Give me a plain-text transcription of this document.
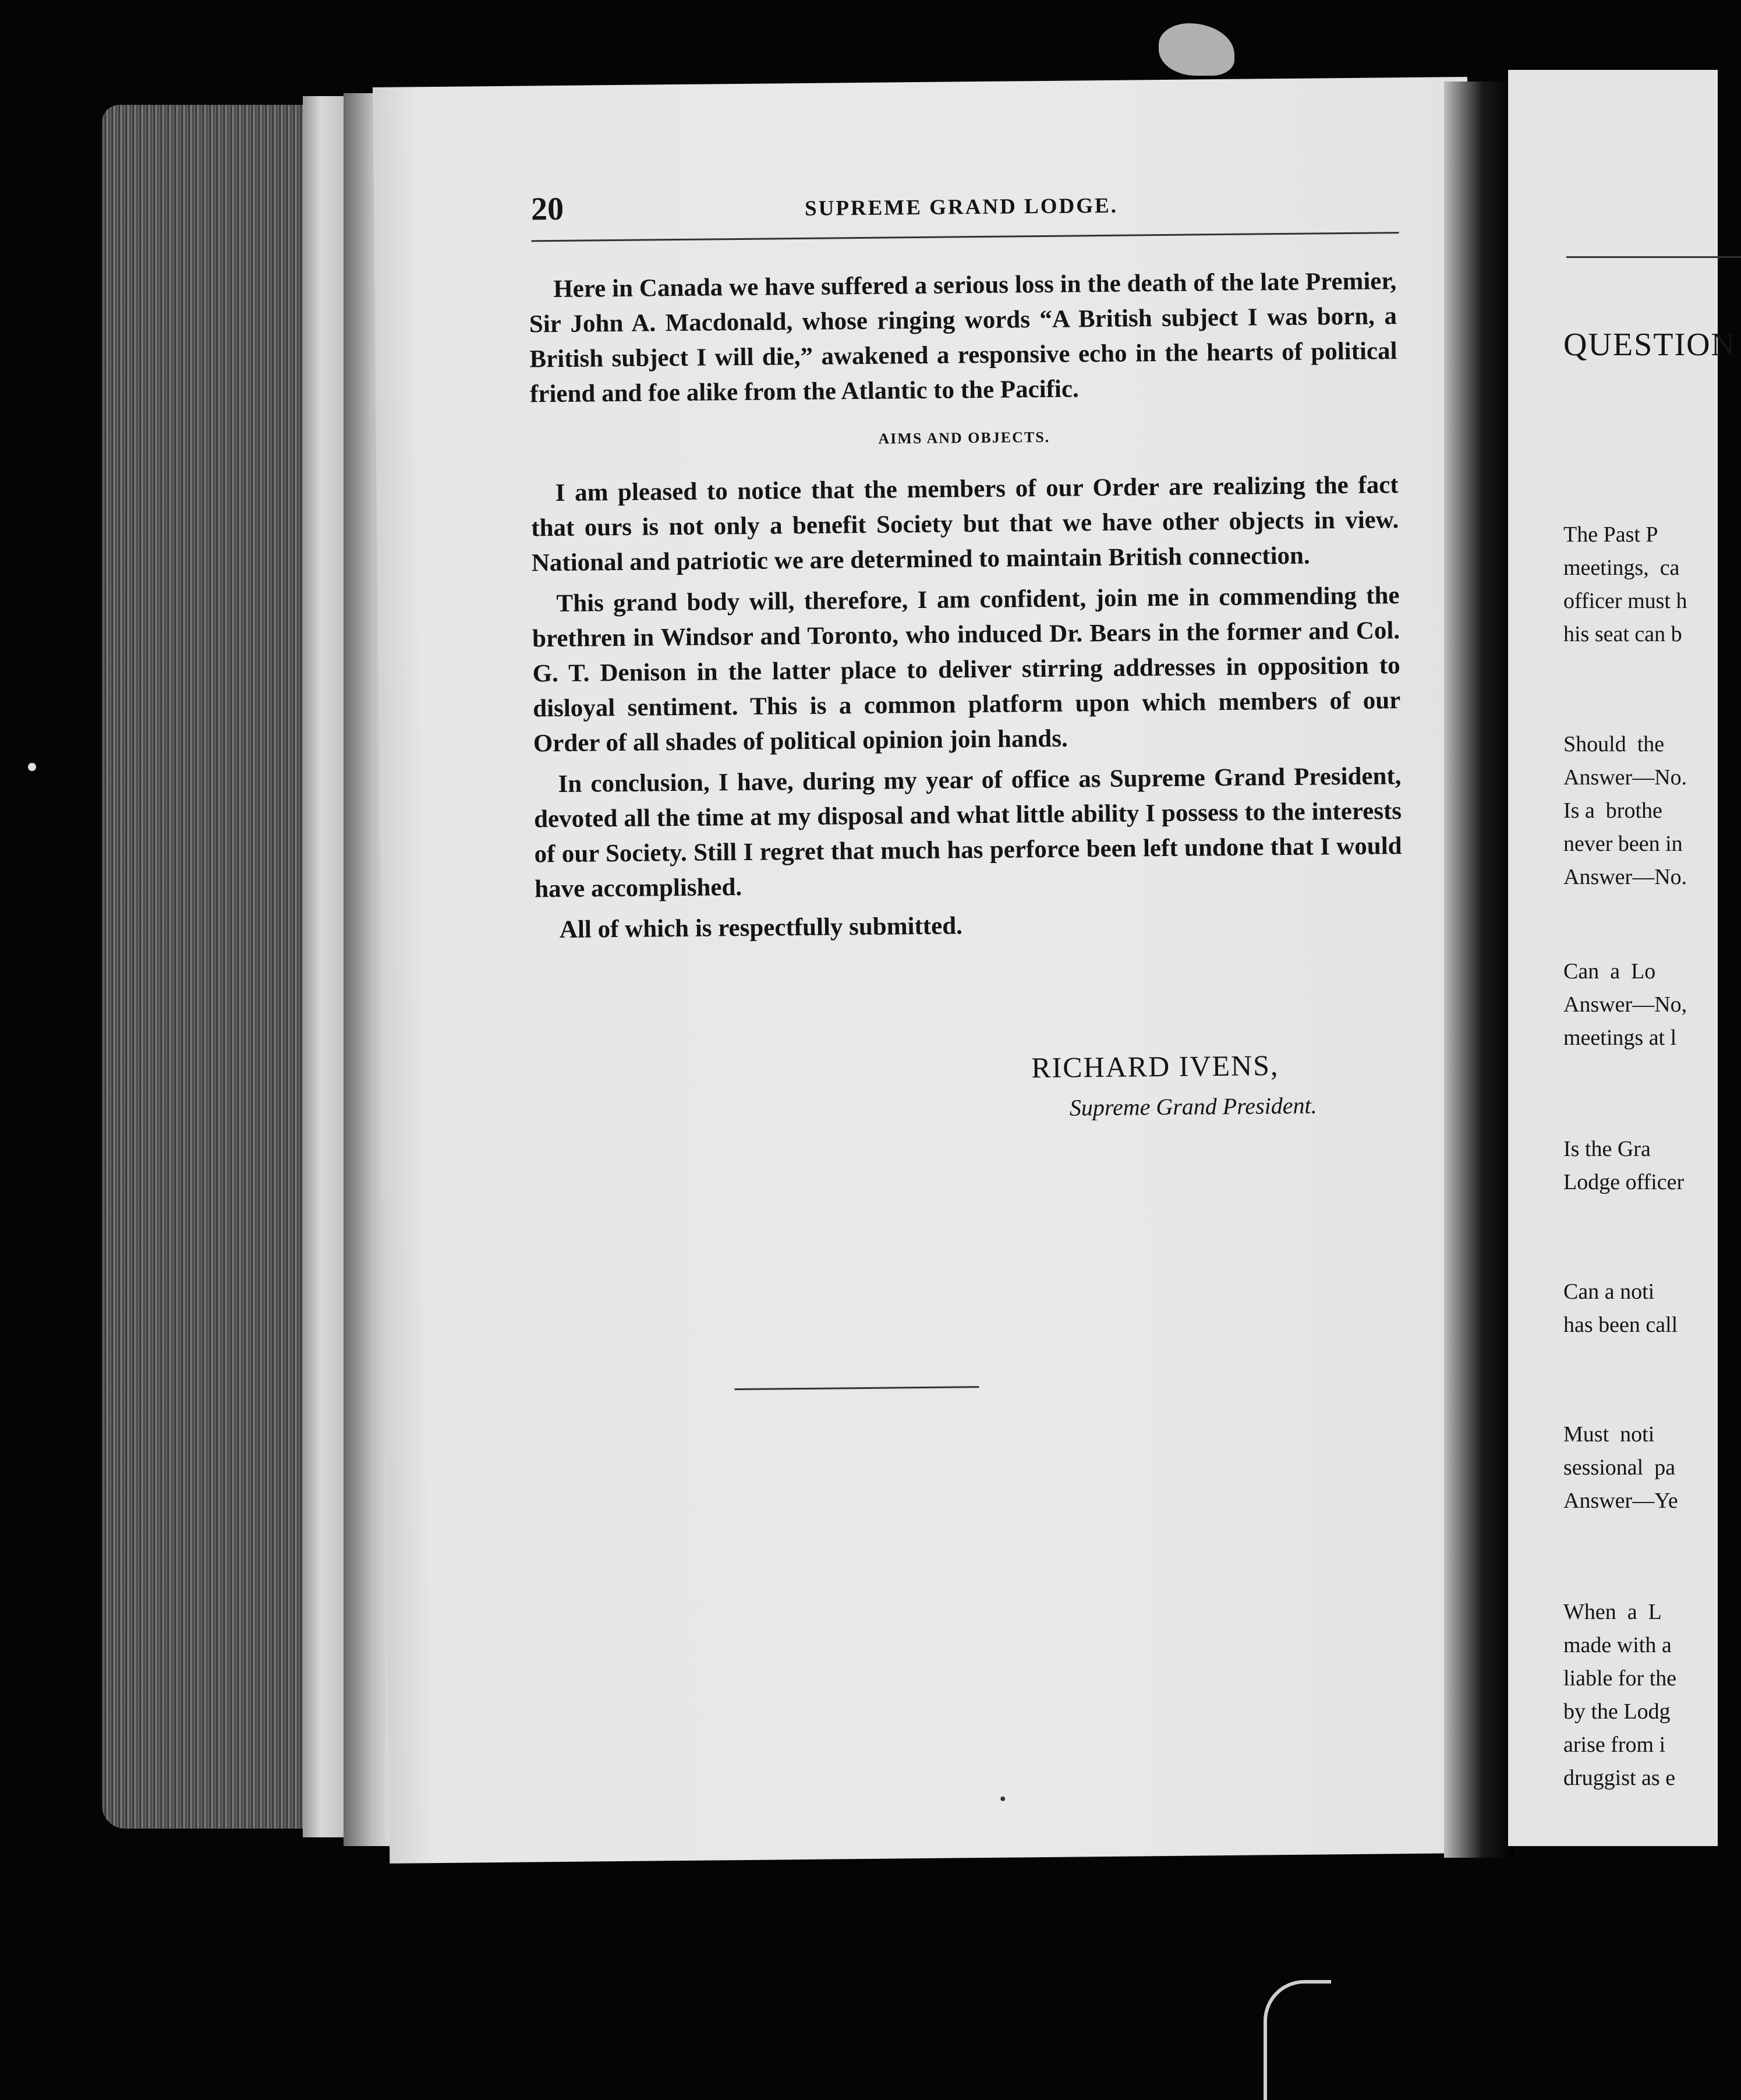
20	SUPREME GRAND LODGE.

Here in Canada we have suffered a serious loss in the death of the late Premier, Sir John A. Macdonald, whose ringing words “A British subject I was born, a British subject I will die,” awakened a responsive echo in the hearts of political friend and foe alike from the Atlantic to the Pacific.

AIMS AND OBJECTS.

I am pleased to notice that the members of our Order are realizing the fact that ours is not only a benefit Society but that we have other objects in view. National and patriotic we are determined to maintain British connection.

This grand body will, therefore, I am confident, join me in commending the brethren in Windsor and Toronto, who induced Dr. Bears in the former and Col. G. T. Denison in the latter place to deliver stirring addresses in opposition to disloyal sentiment. This is a common platform upon which members of our Order of all shades of political opinion join hands.

In conclusion, I have, during my year of office as Supreme Grand President, devoted all the time at my disposal and what little ability I possess to the interests of our Society. Still I regret that much has perforce been left undone that I would have accomplished.

All of which is respectfully submitted.

RICHARD IVENS,
Supreme Grand President.
QUESTION
The Past P
meetings,  ca
officer must h
his seat can b
Should  the
Answer—No.
Is a  brothe
never been in
Answer—No.
Can  a  Lo
Answer—No,
meetings at l
Is the Gra
Lodge officer
Can a noti
has been call
Must  noti
sessional  pa
Answer—Ye
When  a  L
made with a
liable for the
by the Lodg
arise from i
druggist as e
